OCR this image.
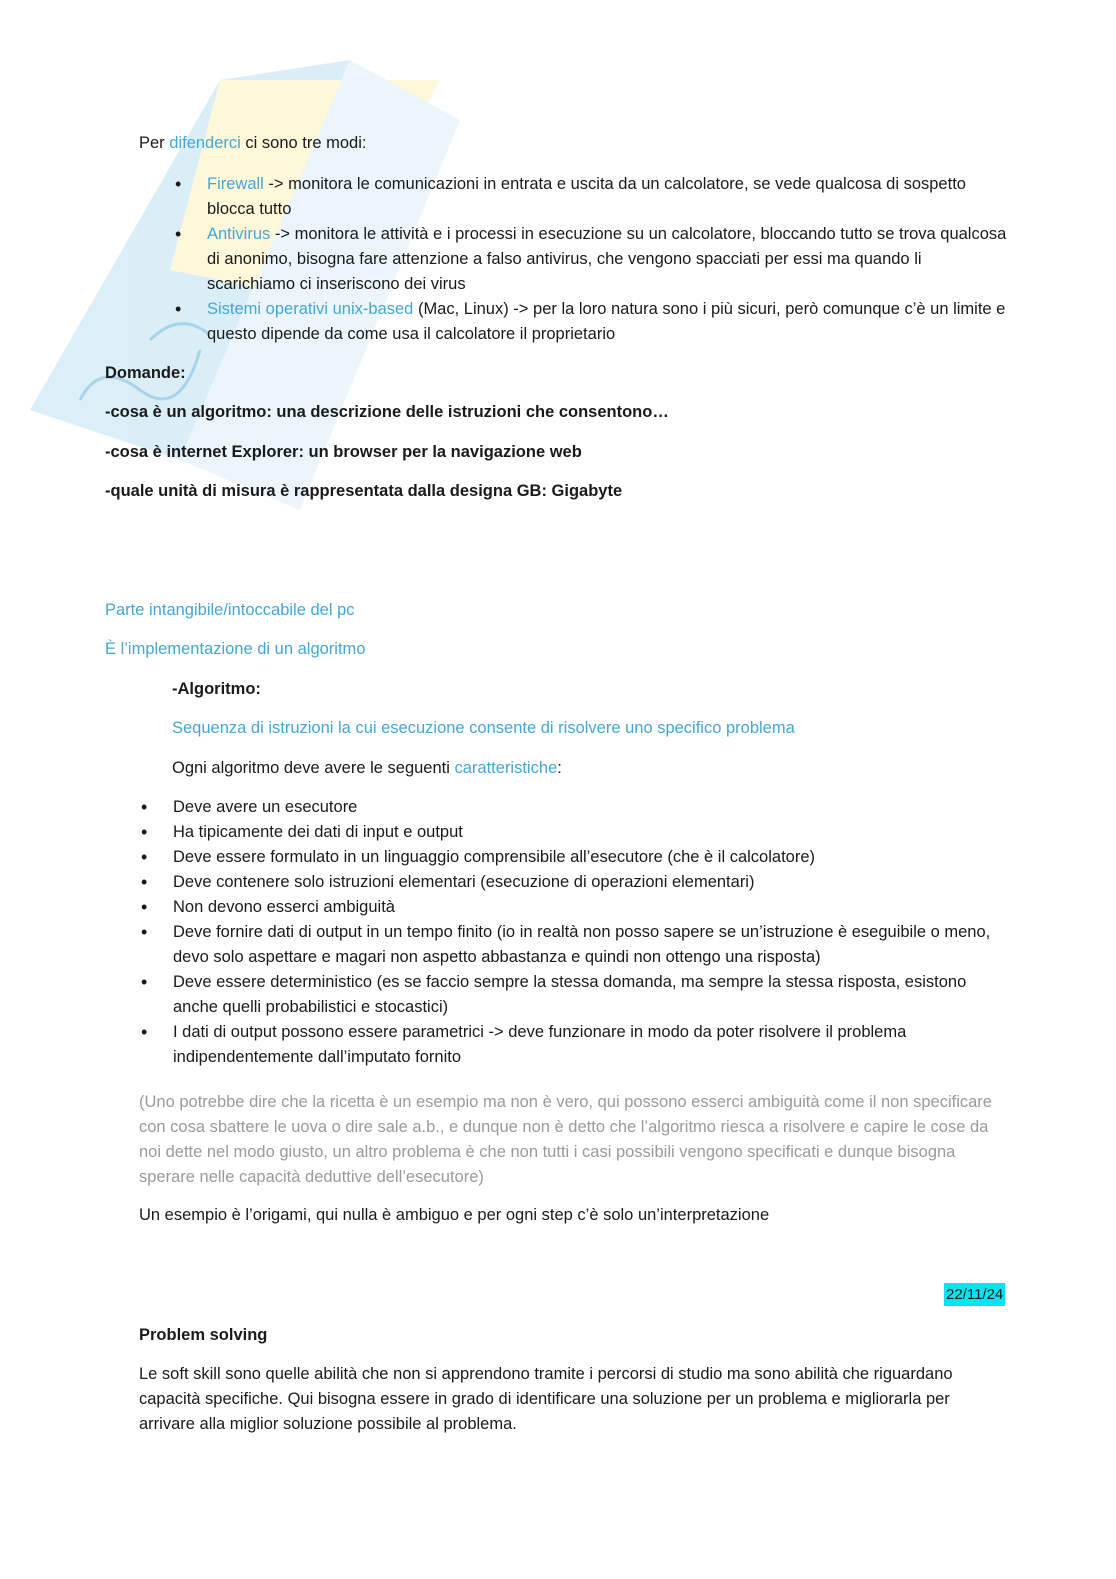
Per difenderci ci sono tre modi:

• Firewall -> monitora le comunicazioni in entrata e uscita da un calcolatore, se vede qualcosa di sospetto blocca tutto
• Antivirus -> monitora le attività e i processi in esecuzione su un calcolatore, bloccando tutto se trova qualcosa di anonimo, bisogna fare attenzione a falso antivirus, che vengono spacciati per essi ma quando li scarichiamo ci inseriscono dei virus
• Sistemi operativi unix-based (Mac, Linux) -> per la loro natura sono i più sicuri, però comunque c’è un limite e questo dipende da come usa il calcolatore il proprietario

Domande:

-cosa è un algoritmo: una descrizione delle istruzioni che consentono…

-cosa è internet Explorer: un browser per la navigazione web

-quale unità di misura è rappresentata dalla designa GB: Gigabyte

Parte intangibile/intoccabile del pc

È l’implementazione di un algoritmo

-Algoritmo:

Sequenza di istruzioni la cui esecuzione consente di risolvere uno specifico problema

Ogni algoritmo deve avere le seguenti caratteristiche:

• Deve avere un esecutore
• Ha tipicamente dei dati di input e output
• Deve essere formulato in un linguaggio comprensibile all’esecutore (che è il calcolatore)
• Deve contenere solo istruzioni elementari (esecuzione di operazioni elementari)
• Non devono esserci ambiguità
• Deve fornire dati di output in un tempo finito (io in realtà non posso sapere se un’istruzione è eseguibile o meno, devo solo aspettare e magari non aspetto abbastanza e quindi non ottengo una risposta)
• Deve essere deterministico (es se faccio sempre la stessa domanda, ma sempre la stessa risposta, esistono anche quelli probabilistici e stocastici)
• I dati di output possono essere parametrici -> deve funzionare in modo da poter risolvere il problema indipendentemente dall’imputato fornito

(Uno potrebbe dire che la ricetta è un esempio ma non è vero, qui possono esserci ambiguità come il non specificare con cosa sbattere le uova o dire sale a.b., e dunque non è detto che l’algoritmo riesca a risolvere e capire le cose da noi dette nel modo giusto, un altro problema è che non tutti i casi possibili vengono specificati e dunque bisogna sperare nelle capacità deduttive dell’esecutore)

Un esempio è l’origami, qui nulla è ambiguo e per ogni step c’è solo un’interpretazione

22/11/24

Problem solving

Le soft skill sono quelle abilità che non si apprendono tramite i percorsi di studio ma sono abilità che riguardano capacità specifiche. Qui bisogna essere in grado di identificare una soluzione per un problema e migliorarla per arrivare alla miglior soluzione possibile al problema.
